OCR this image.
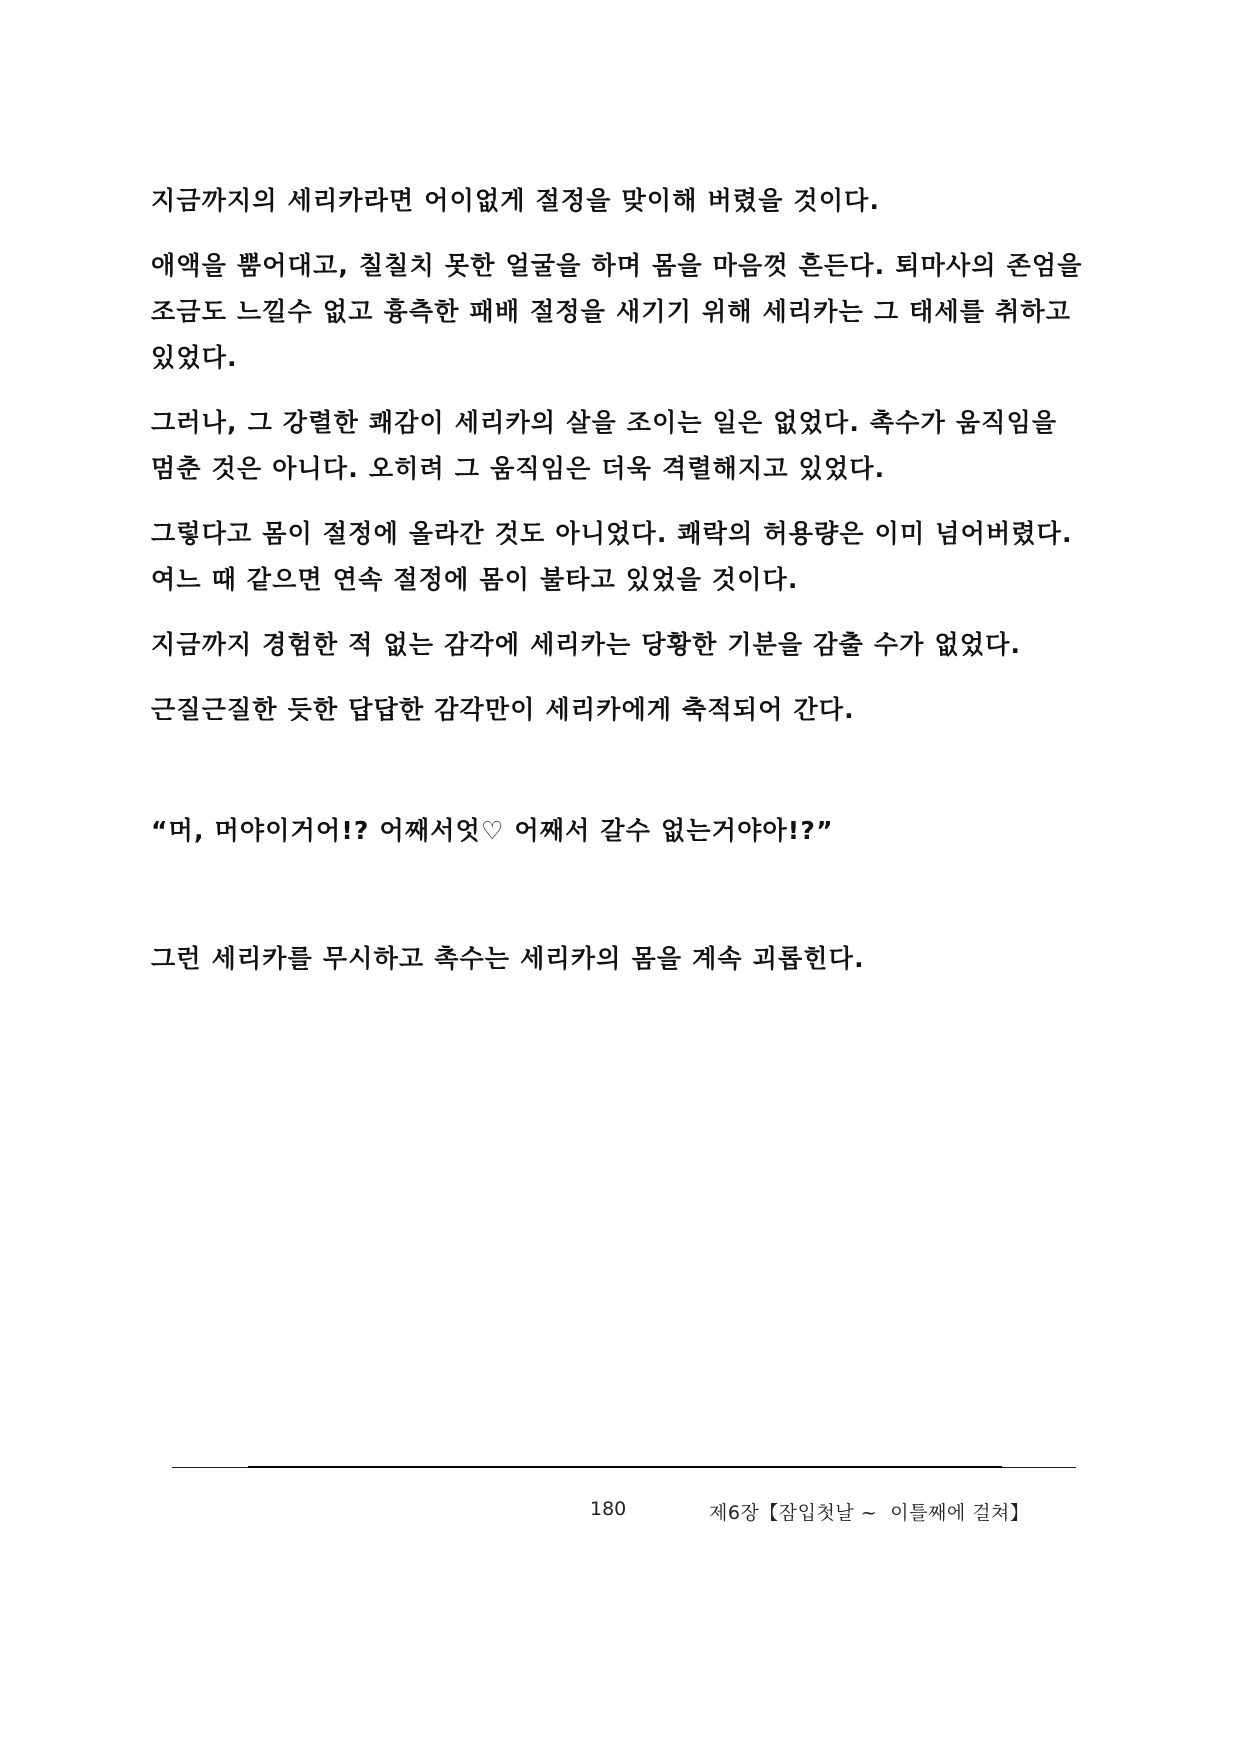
지금까지의 세리카라면 어이없게 절정을 맞이해 버렸을 것이다.

애액을 뿜어대고, 칠칠치 못한 얼굴을 하며 몸을 마음껏 흔든다. 퇴마사의 존엄을 조금도 느낄수 없고 흉측한 패배 절정을 새기기 위해 세리카는 그 태세를 취하고 있었다.

그러나, 그 강렬한 쾌감이 세리카의 살을 조이는 일은 없었다. 촉수가 움직임을 멈춘 것은 아니다. 오히려 그 움직임은 더욱 격렬해지고 있었다.

그렇다고 몸이 절정에 올라간 것도 아니었다. 쾌락의 허용량은 이미 넘어버렸다. 여느 때 같으면 연속 절정에 몸이 불타고 있었을 것이다.

지금까지 경험한 적 없는 감각에 세리카는 당황한 기분을 감출 수가 없었다.

근질근질한 듯한 답답한 감각만이 세리카에게 축적되어 간다.

“머, 머야이거어!? 어째서엇♡ 어째서 갈수 없는거야아!?”

그런 세리카를 무시하고 촉수는 세리카의 몸을 계속 괴롭힌다.

180	제6장【잠입첫날 ~  이틀째에 걸쳐】
